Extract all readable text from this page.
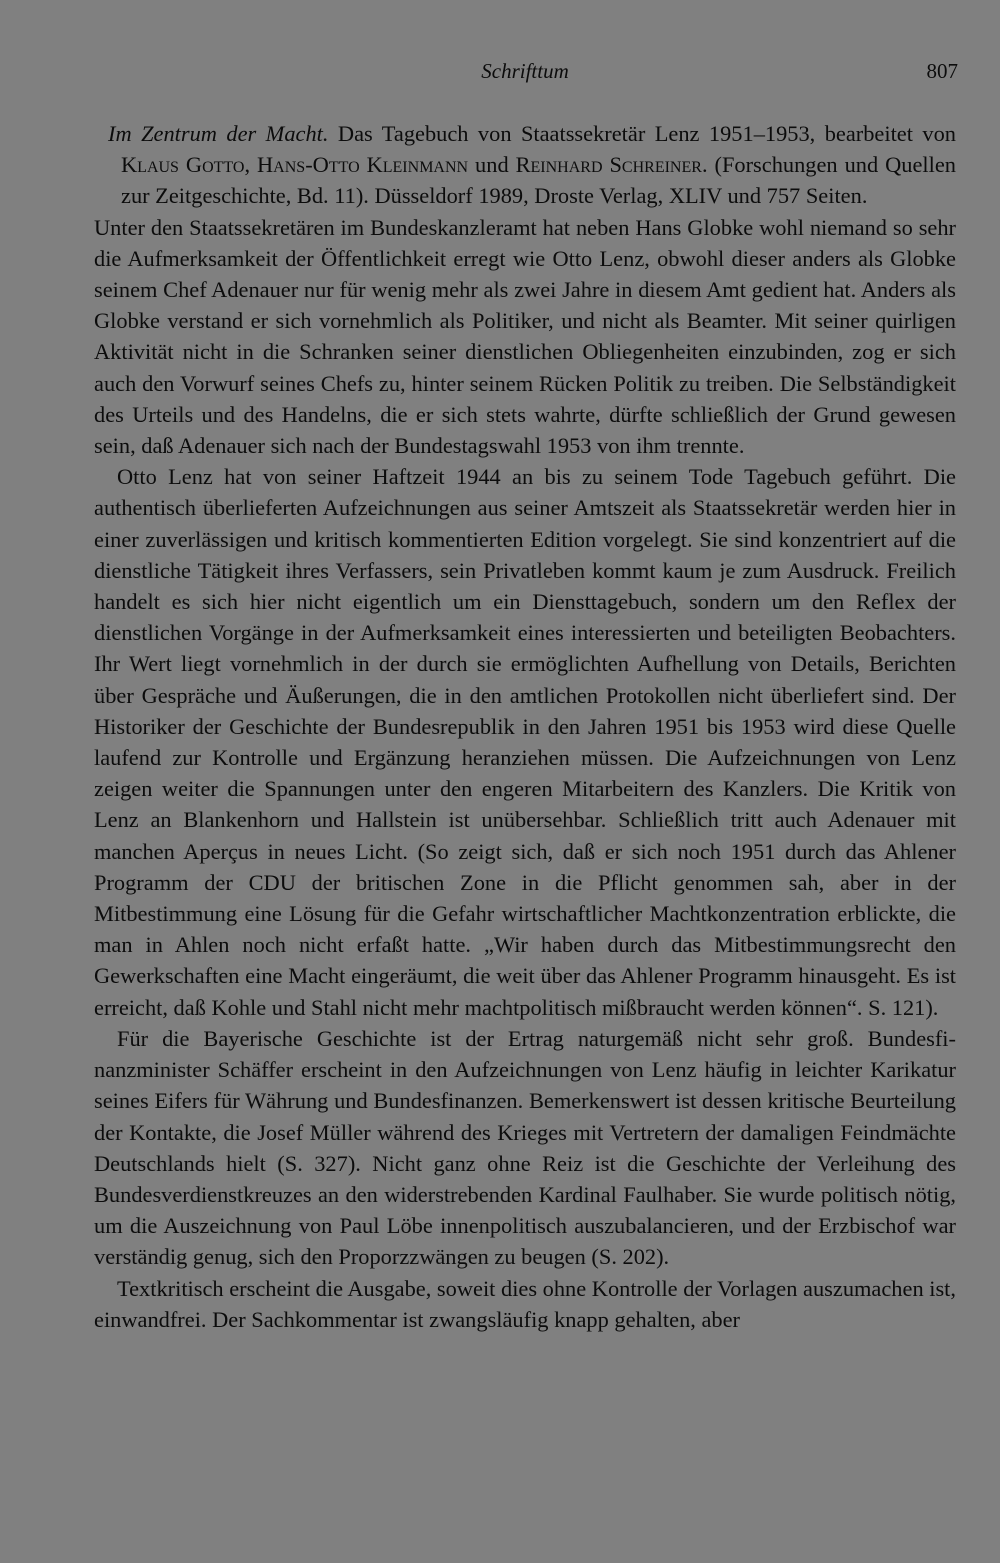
Schrifttum	807

Im Zentrum der Macht. Das Tagebuch von Staatssekretär Lenz 1951–1953, bearbeitet von Klaus Gotto, Hans-Otto Kleinmann und Reinhard Schreiner. (Forschungen und Quellen zur Zeitgeschichte, Bd. 11). Düsseldorf 1989, Droste Verlag, XLIV und 757 Seiten.

Unter den Staatssekretären im Bundeskanzleramt hat neben Hans Globke wohl niemand so sehr die Aufmerksamkeit der Öffentlichkeit erregt wie Otto Lenz, obwohl dieser anders als Globke seinem Chef Adenauer nur für wenig mehr als zwei Jahre in diesem Amt gedient hat. Anders als Globke verstand er sich vornehmlich als Politiker, und nicht als Beamter. Mit seiner quirligen Aktivität nicht in die Schranken seiner dienstlichen Obliegenheiten einzubinden, zog er sich auch den Vorwurf seines Chefs zu, hinter seinem Rücken Politik zu treiben. Die Selbständigkeit des Urteils und des Handelns, die er sich stets wahrte, dürfte schließlich der Grund gewesen sein, daß Adenauer sich nach der Bundestagswahl 1953 von ihm trennte.

Otto Lenz hat von seiner Haftzeit 1944 an bis zu seinem Tode Tagebuch geführt. Die authentisch überlieferten Aufzeichnungen aus seiner Amtszeit als Staatssekretär werden hier in einer zuverlässigen und kritisch kommentierten Edition vorgelegt. Sie sind konzentriert auf die dienstliche Tätigkeit ihres Verfassers, sein Privatleben kommt kaum je zum Ausdruck. Freilich handelt es sich hier nicht eigentlich um ein Diensttagebuch, sondern um den Reflex der dienstlichen Vorgänge in der Aufmerksamkeit eines interessierten und beteiligten Beobachters. Ihr Wert liegt vornehmlich in der durch sie ermöglichten Aufhellung von Details, Berichten über Gespräche und Äußerungen, die in den amtlichen Protokollen nicht überliefert sind. Der Historiker der Geschichte der Bundesrepublik in den Jahren 1951 bis 1953 wird diese Quelle laufend zur Kontrolle und Ergänzung heranziehen müssen. Die Aufzeichnungen von Lenz zeigen weiter die Spannungen unter den engeren Mitarbeitern des Kanzlers. Die Kritik von Lenz an Blankenhorn und Hallstein ist unübersehbar. Schließlich tritt auch Adenauer mit manchen Aperçus in neues Licht. (So zeigt sich, daß er sich noch 1951 durch das Ahlener Programm der CDU der britischen Zone in die Pflicht genommen sah, aber in der Mitbestimmung eine Lösung für die Gefahr wirtschaftlicher Machtkonzentration erblickte, die man in Ahlen noch nicht erfaßt hatte. „Wir haben durch das Mitbestimmungsrecht den Gewerkschaften eine Macht eingeräumt, die weit über das Ahlener Programm hinausgeht. Es ist erreicht, daß Kohle und Stahl nicht mehr machtpolitisch mißbraucht werden können“. S. 121).

Für die Bayerische Geschichte ist der Ertrag naturgemäß nicht sehr groß. Bundesfinanzminister Schäffer erscheint in den Aufzeichnungen von Lenz häufig in leichter Karikatur seines Eifers für Währung und Bundesfinanzen. Bemerkenswert ist dessen kritische Beurteilung der Kontakte, die Josef Müller während des Krieges mit Vertretern der damaligen Feindmächte Deutschlands hielt (S. 327). Nicht ganz ohne Reiz ist die Geschichte der Verleihung des Bundesverdienstkreuzes an den widerstrebenden Kardinal Faulhaber. Sie wurde politisch nötig, um die Auszeichnung von Paul Löbe innenpolitisch auszubalancieren, und der Erzbischof war verständig genug, sich den Proporzzwängen zu beugen (S. 202).

Textkritisch erscheint die Ausgabe, soweit dies ohne Kontrolle der Vorlagen auszumachen ist, einwandfrei. Der Sachkommentar ist zwangsläufig knapp gehalten, aber
